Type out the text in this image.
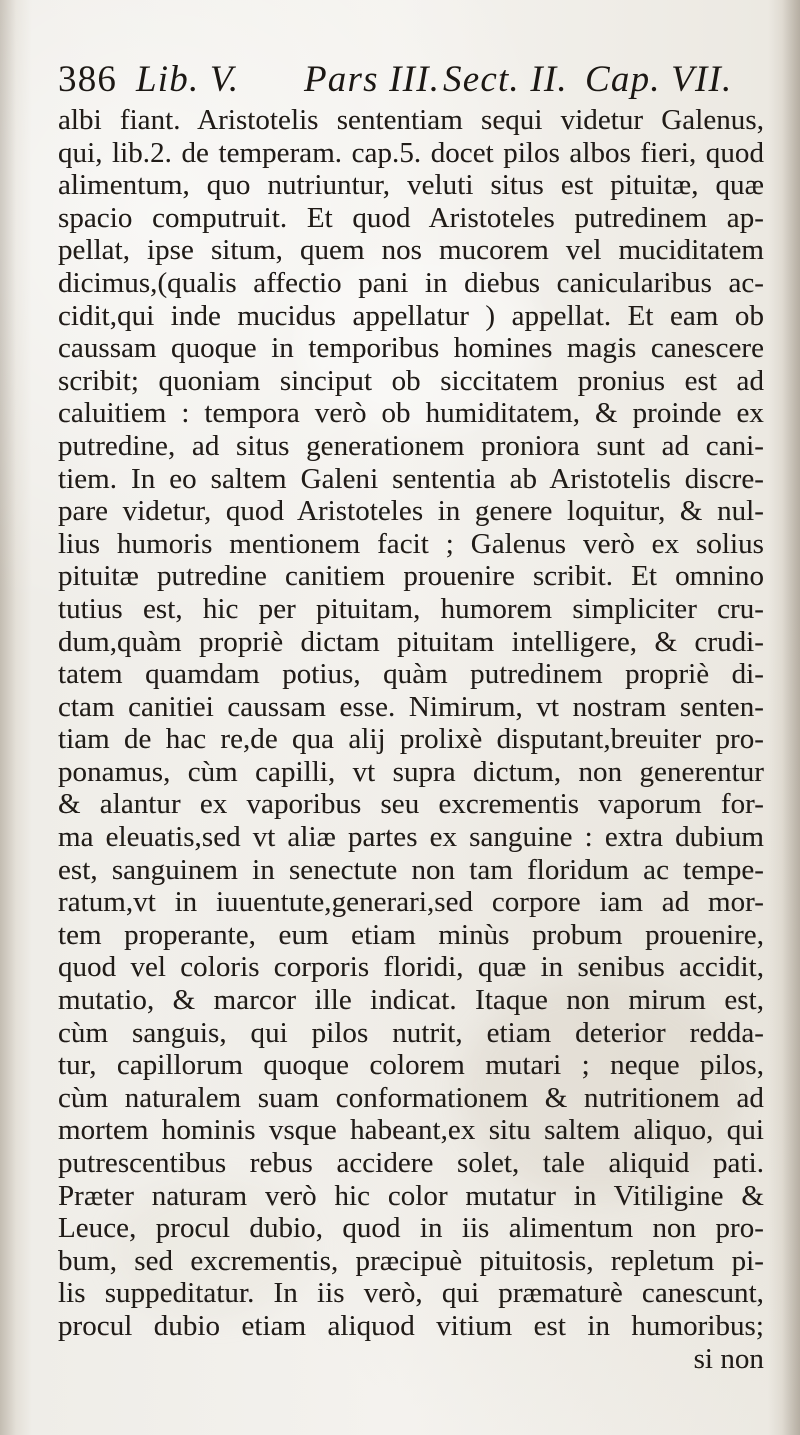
386 Lib. V. Pars III. Sect. II. Cap. VII.
albi fiant. Aristotelis sententiam sequi videtur Galenus,
qui, lib.2. de temperam. cap.5. docet pilos albos fieri, quod
alimentum, quo nutriuntur, veluti situs est pituitæ, quæ
spacio computruit. Et quod Aristoteles putredinem ap-
pellat, ipse situm, quem nos mucorem vel muciditatem
dicimus,(qualis affectio pani in diebus canicularibus ac-
cidit,qui inde mucidus appellatur ) appellat. Et eam ob
caussam quoque in temporibus homines magis canescere
scribit; quoniam sinciput ob siccitatem pronius est ad
caluitiem : tempora verò ob humiditatem, & proinde ex
putredine, ad situs generationem proniora sunt ad cani-
tiem. In eo saltem Galeni sententia ab Aristotelis discre-
pare videtur, quod Aristoteles in genere loquitur, & nul-
lius humoris mentionem facit ; Galenus verò ex solius
pituitæ putredine canitiem prouenire scribit. Et omnino
tutius est, hic per pituitam, humorem simpliciter cru-
dum,quàm propriè dictam pituitam intelligere, & crudi-
tatem quamdam potius, quàm putredinem propriè di-
ctam canitiei caussam esse. Nimirum, vt nostram senten-
tiam de hac re,de qua alij prolixè disputant,breuiter pro-
ponamus, cùm capilli, vt supra dictum, non generentur
& alantur ex vaporibus seu excrementis vaporum for-
ma eleuatis,sed vt aliæ partes ex sanguine : extra dubium
est, sanguinem in senectute non tam floridum ac tempe-
ratum,vt in iuuentute,generari,sed corpore iam ad mor-
tem properante, eum etiam minùs probum prouenire,
quod vel coloris corporis floridi, quæ in senibus accidit,
mutatio, & marcor ille indicat. Itaque non mirum est,
cùm sanguis, qui pilos nutrit, etiam deterior redda-
tur, capillorum quoque colorem mutari ; neque pilos,
cùm naturalem suam conformationem & nutritionem ad
mortem hominis vsque habeant,ex situ saltem aliquo, qui
putrescentibus rebus accidere solet, tale aliquid pati.
Præter naturam verò hic color mutatur in Vitiligine &
Leuce, procul dubio, quod in iis alimentum non pro-
bum, sed excrementis, præcipuè pituitosis, repletum pi-
lis suppeditatur. In iis verò, qui præmaturè canescunt,
procul dubio etiam aliquod vitium est in humoribus;
si non
